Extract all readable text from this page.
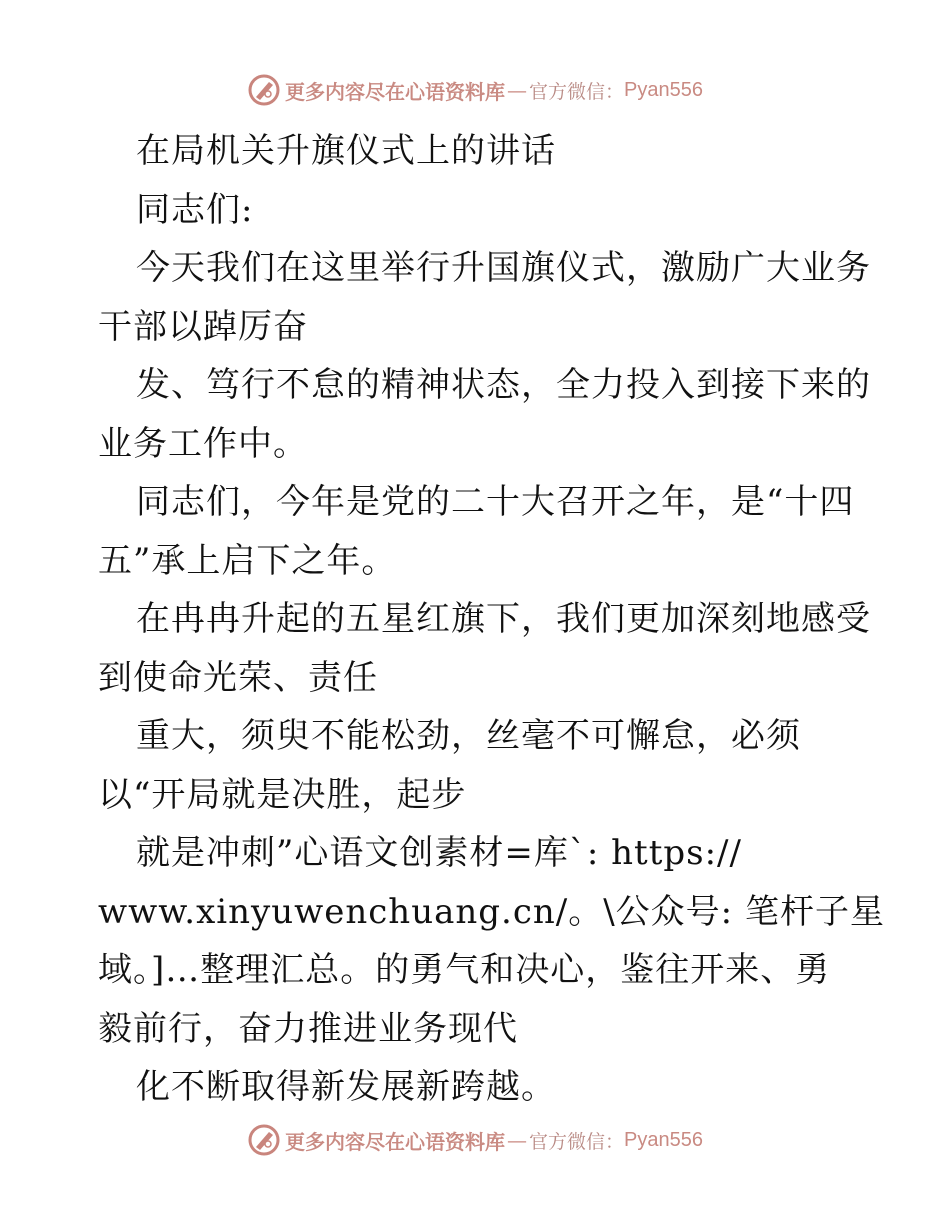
更多内容尽在心语资料库 — 官方微信： Pyan556
在局机关升旗仪式上的讲话
同志们:
今天我们在这里举行升国旗仪式，激励广大业务
干部以踔厉奋
发、笃行不怠的精神状态，全力投入到接下来的
业务工作中。
同志们，今年是党的二十大召开之年，是“十四
五”承上启下之年。
在冉冉升起的五星红旗下，我们更加深刻地感受
到使命光荣、责任
重大，须臾不能松劲，丝毫不可懈怠，必须
以“开局就是决胜，起步
就是冲刺”心语文创素材=库`: https://
www.xinyuwenchuang.cn/。\公众号: 笔杆子星
域。]…整理汇总。的勇气和决心，鉴往开来、勇
毅前行，奋力推进业务现代
化不断取得新发展新跨越。
更多内容尽在心语资料库 — 官方微信： Pyan556
